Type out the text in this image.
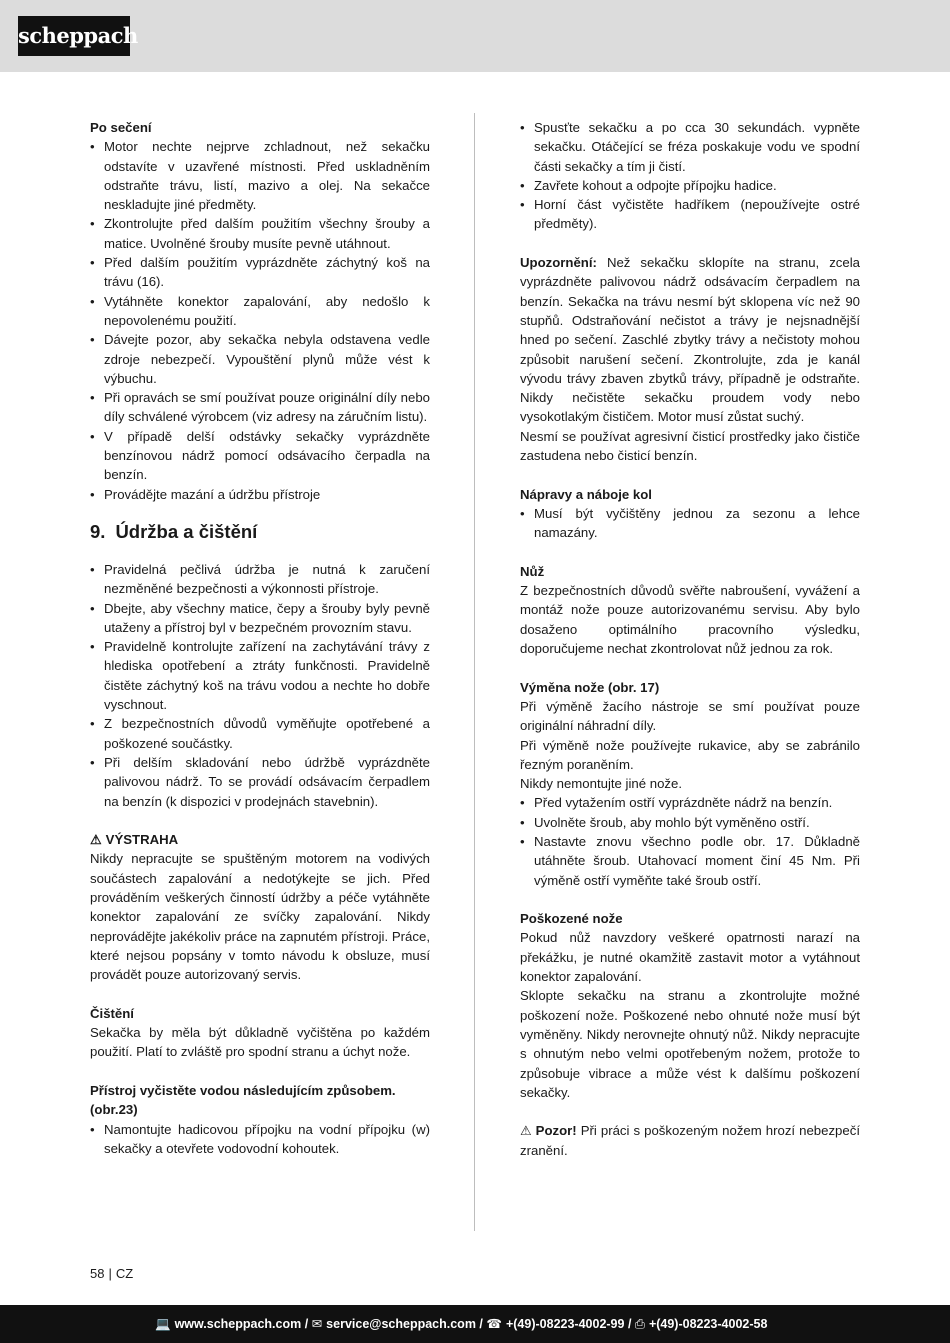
scheppach
Po sečení
• Motor nechte nejprve zchladnout, než sekačku odstavíte v uzavřené místnosti. Před uskladněním odstraňte trávu, listí, mazivo a olej. Na sekačce neskladujte jiné předměty.
• Zkontrolujte před dalším použitím všechny šrouby a matice. Uvolněné šrouby musíte pevně utáhnout.
• Před dalším použitím vyprázdněte záchytný koš na trávu (16).
• Vytáhněte konektor zapalování, aby nedošlo k nepovolenému použití.
• Dávejte pozor, aby sekačka nebyla odstavena vedle zdroje nebezpečí. Vypouštění plynů může vést k výbuchu.
• Při opravách se smí používat pouze originální díly nebo díly schválené výrobcem (viz adresy na záručním listu).
• V případě delší odstávky sekačky vyprázdněte benzínovou nádrž pomocí odsávacího čerpadla na benzín.
• Provádějte mazání a údržbu přístroje
9. Údržba a čištění
• Pravidelná pečlivá údržba je nutná k zaručení nezměněné bezpečnosti a výkonnosti přístroje.
• Dbejte, aby všechny matice, čepy a šrouby byly pevně utaženy a přístroj byl v bezpečném provozním stavu.
• Pravidelně kontrolujte zařízení na zachytávání trávy z hlediska opotřebení a ztráty funkčnosti. Pravidelně čistěte záchytný koš na trávu vodou a nechte ho dobře vyschnout.
• Z bezpečnostních důvodů vyměňujte opotřebené a poškozené součástky.
• Při delším skladování nebo údržbě vyprázdněte palivovou nádrž. To se provádí odsávacím čerpadlem na benzín (k dispozici v prodejnách stavebnin).
⚠ VÝSTRAHA

Nikdy nepracujte se spuštěným motorem na vodivých součástech zapalování a nedotýkejte se jich. Před prováděním veškerých činností údržby a péče vytáhněte konektor zapalování ze svíčky zapalování. Nikdy neprovádějte jakékoliv práce na zapnutém přístroji. Práce, které nejsou popsány v tomto návodu k obsluze, musí provádět pouze autorizovaný servis.

Čištění

Sekačka by měla být důkladně vyčištěna po každém použití. Platí to zvláště pro spodní stranu a úchyt nože.

Přístroj vyčistěte vodou následujícím způsobem. (obr.23)
• Namontujte hadicovou přípojku na vodní přípojku (w) sekačky a otevřete vodovodní kohoutek.
• Spusťte sekačku a po cca 30 sekundách. vypněte sekačku. Otáčející se fréza poskakuje vodu ve spodní části sekačky a tím ji čistí.
• Zavřete kohout a odpojte přípojku hadice.
• Horní část vyčistěte hadříkem (nepoužívejte ostré předměty).

Upozornění: Než sekačku sklopíte na stranu, zcela vyprázdněte palivovou nádrž odsávacím čerpadlem na benzín. Sekačka na trávu nesmí být sklopena víc než 90 stupňů. Odstraňování nečistot a trávy je nejsnadnější hned po sečení. Zaschlé zbytky trávy a nečistoty mohou způsobit narušení sečení. Zkontrolujte, zda je kanál vývodu trávy zbaven zbytků trávy, případně je odstraňte. Nikdy nečistěte sekačku proudem vody nebo vysokotlakým čističem. Motor musí zůstat suchý.

Nesmí se používat agresivní čisticí prostředky jako čističe zastudena nebo čisticí benzín.

Nápravy a náboje kol
• Musí být vyčištěny jednou za sezonu a lehce namazány.
Nůž

Z bezpečnostních důvodů svěřte nabroušení, vyvážení a montáž nože pouze autorizovanému servisu. Aby bylo dosaženo optimálního pracovního výsledku, doporučujeme nechat zkontrolovat nůž jednou za rok.

Výměna nože (obr. 17)

Při výměně žacího nástroje se smí používat pouze originální náhradní díly.

Při výměně nože používejte rukavice, aby se zabránilo řezným poraněním.

Nikdy nemontujte jiné nože.

• Před vytažením ostří vyprázdněte nádrž na benzín.
• Uvolněte šroub, aby mohlo být vyměněno ostří.
• Nastavte znovu všechno podle obr. 17. Důkladně utáhněte šroub. Utahovací moment činí 45 Nm. Při výměně ostří vyměňte také šroub ostří.
Poškozené nože

Pokud nůž navzdory veškeré opatrnosti narazí na překážku, je nutné okamžitě zastavit motor a vytáhnout konektor zapalování.

Sklopte sekačku na stranu a zkontrolujte možné poškození nože. Poškozené nebo ohnuté nože musí být vyměněny. Nikdy nerovnejte ohnutý nůž. Nikdy nepracujte s ohnutým nebo velmi opotřebeným nožem, protože to způsobuje vibrace a může vést k dalšímu poškození sekačky.

⚠ Pozor! Při práci s poškozeným nožem hrozí nebezpečí zranění.

58 | CZ
💻 www.scheppach.com / ✉ service@scheppach.com / ☎ +(49)-08223-4002-99 / ⎙ +(49)-08223-4002-58
